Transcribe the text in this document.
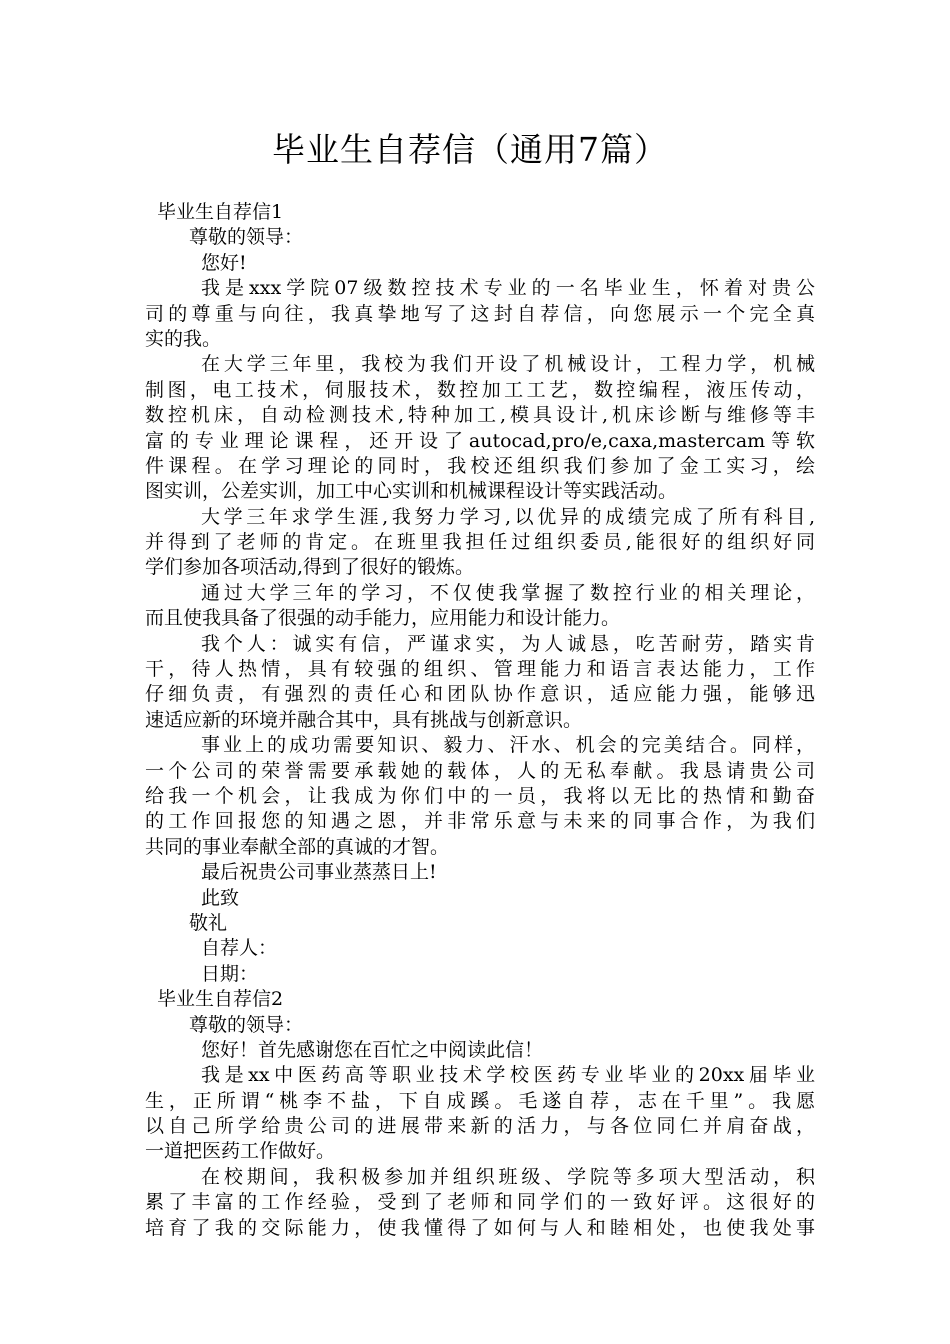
毕业生自荐信（通用7篇）
毕业生自荐信1
尊敬的领导：
您好!
我是xxx学院07级数控技术专业的一名毕业生，怀着对贵公
司的尊重与向往，我真挚地写了这封自荐信，向您展示一个完全真
实的我。
在大学三年里，我校为我们开设了机械设计，工程力学，机械
制图，电工技术，伺服技术，数控加工工艺，数控编程，液压传动，
数控机床，自动检测技术,特种加工,模具设计,机床诊断与维修等丰
富的专业理论课程，还开设了autocad,pro/e,caxa,mastercam等软
件课程。在学习理论的同时，我校还组织我们参加了金工实习，绘
图实训，公差实训，加工中心实训和机械课程设计等实践活动。
大学三年求学生涯,我努力学习,以优异的成绩完成了所有科目,
并得到了老师的肯定。在班里我担任过组织委员,能很好的组织好同
学们参加各项活动,得到了很好的锻炼。
通过大学三年的学习，不仅使我掌握了数控行业的相关理论，
而且使我具备了很强的动手能力，应用能力和设计能力。
我个人：诚实有信，严谨求实，为人诚恳，吃苦耐劳，踏实肯
干，待人热情，具有较强的组织、管理能力和语言表达能力，工作
仔细负责，有强烈的责任心和团队协作意识，适应能力强，能够迅
速适应新的环境并融合其中，具有挑战与创新意识。
事业上的成功需要知识、毅力、汗水、机会的完美结合。同样，
一个公司的荣誉需要承载她的载体，人的无私奉献。我恳请贵公司
给我一个机会，让我成为你们中的一员，我将以无比的热情和勤奋
的工作回报您的知遇之恩，并非常乐意与未来的同事合作，为我们
共同的事业奉献全部的真诚的才智。
最后祝贵公司事业蒸蒸日上!
此致
敬礼
自荐人：
日期：
毕业生自荐信2
尊敬的领导：
您好！首先感谢您在百忙之中阅读此信！
我是xx中医药高等职业技术学校医药专业毕业的20xx届毕业
生，正所谓“桃李不盐，下自成蹊。毛遂自荐，志在千里”。我愿
以自己所学给贵公司的进展带来新的活力，与各位同仁并肩奋战，
一道把医药工作做好。
在校期间，我积极参加并组织班级、学院等多项大型活动，积
累了丰富的工作经验，受到了老师和同学们的一致好评。这很好的
培育了我的交际能力，使我懂得了如何与人和睦相处，也使我处事
